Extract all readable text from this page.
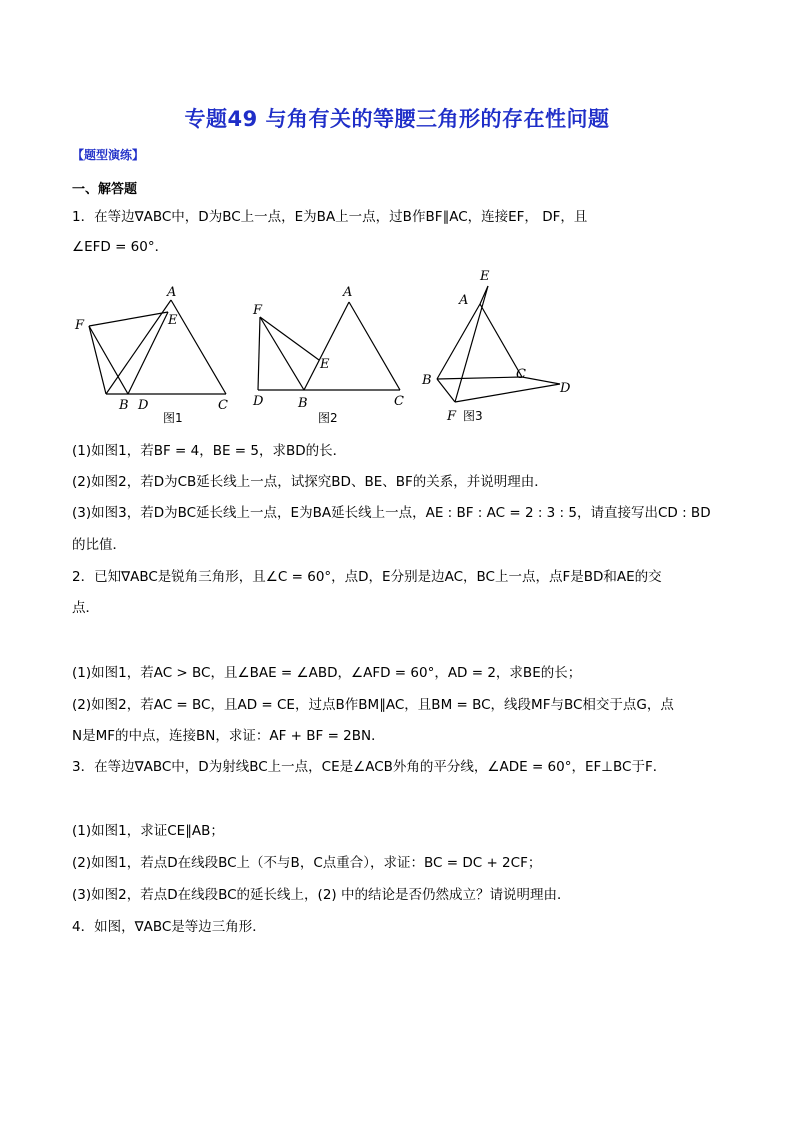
专题49 与角有关的等腰三角形的存在性问题
【题型演练】
一、解答题
1．在等边∇ABC中，D为BC上一点，E为BA上一点，过B作BF∥AC，连接EF， DF，且
∠EFD = 60°．
A
E
F
B D	C
图1
A
E
F
D	B	C
图2
E
A
B	C
D
F 图3
(1)如图1，若BF = 4，BE = 5，求BD的长．
(2)如图2，若D为CB延长线上一点，试探究BD、BE、BF的关系，并说明理由．
(3)如图3，若D为BC延长线上一点，E为BA延长线上一点，AE : BF : AC = 2 : 3 : 5，请直接写出CD : BD
的比值．
2．已知∇ABC是锐角三角形，且∠C = 60°，点D，E分别是边AC，BC上一点，点F是BD和AE的交
点．
(1)如图1，若AC > BC，且∠BAE = ∠ABD，∠AFD = 60°，AD = 2，求BE的长；
(2)如图2，若AC = BC，且AD = CE，过点B作BM∥AC，且BM = BC，线段MF与BC相交于点G，点
N是MF的中点，连接BN，求证：AF + BF = 2BN．
3．在等边∇ABC中，D为射线BC上一点，CE是∠ACB外角的平分线，∠ADE = 60°，EF⊥BC于F．
(1)如图1，求证CE∥AB；
(2)如图1，若点D在线段BC上（不与B，C点重合），求证：BC = DC + 2CF；
(3)如图2，若点D在线段BC的延长线上，(2) 中的结论是否仍然成立？请说明理由．
4．如图，∇ABC是等边三角形．
